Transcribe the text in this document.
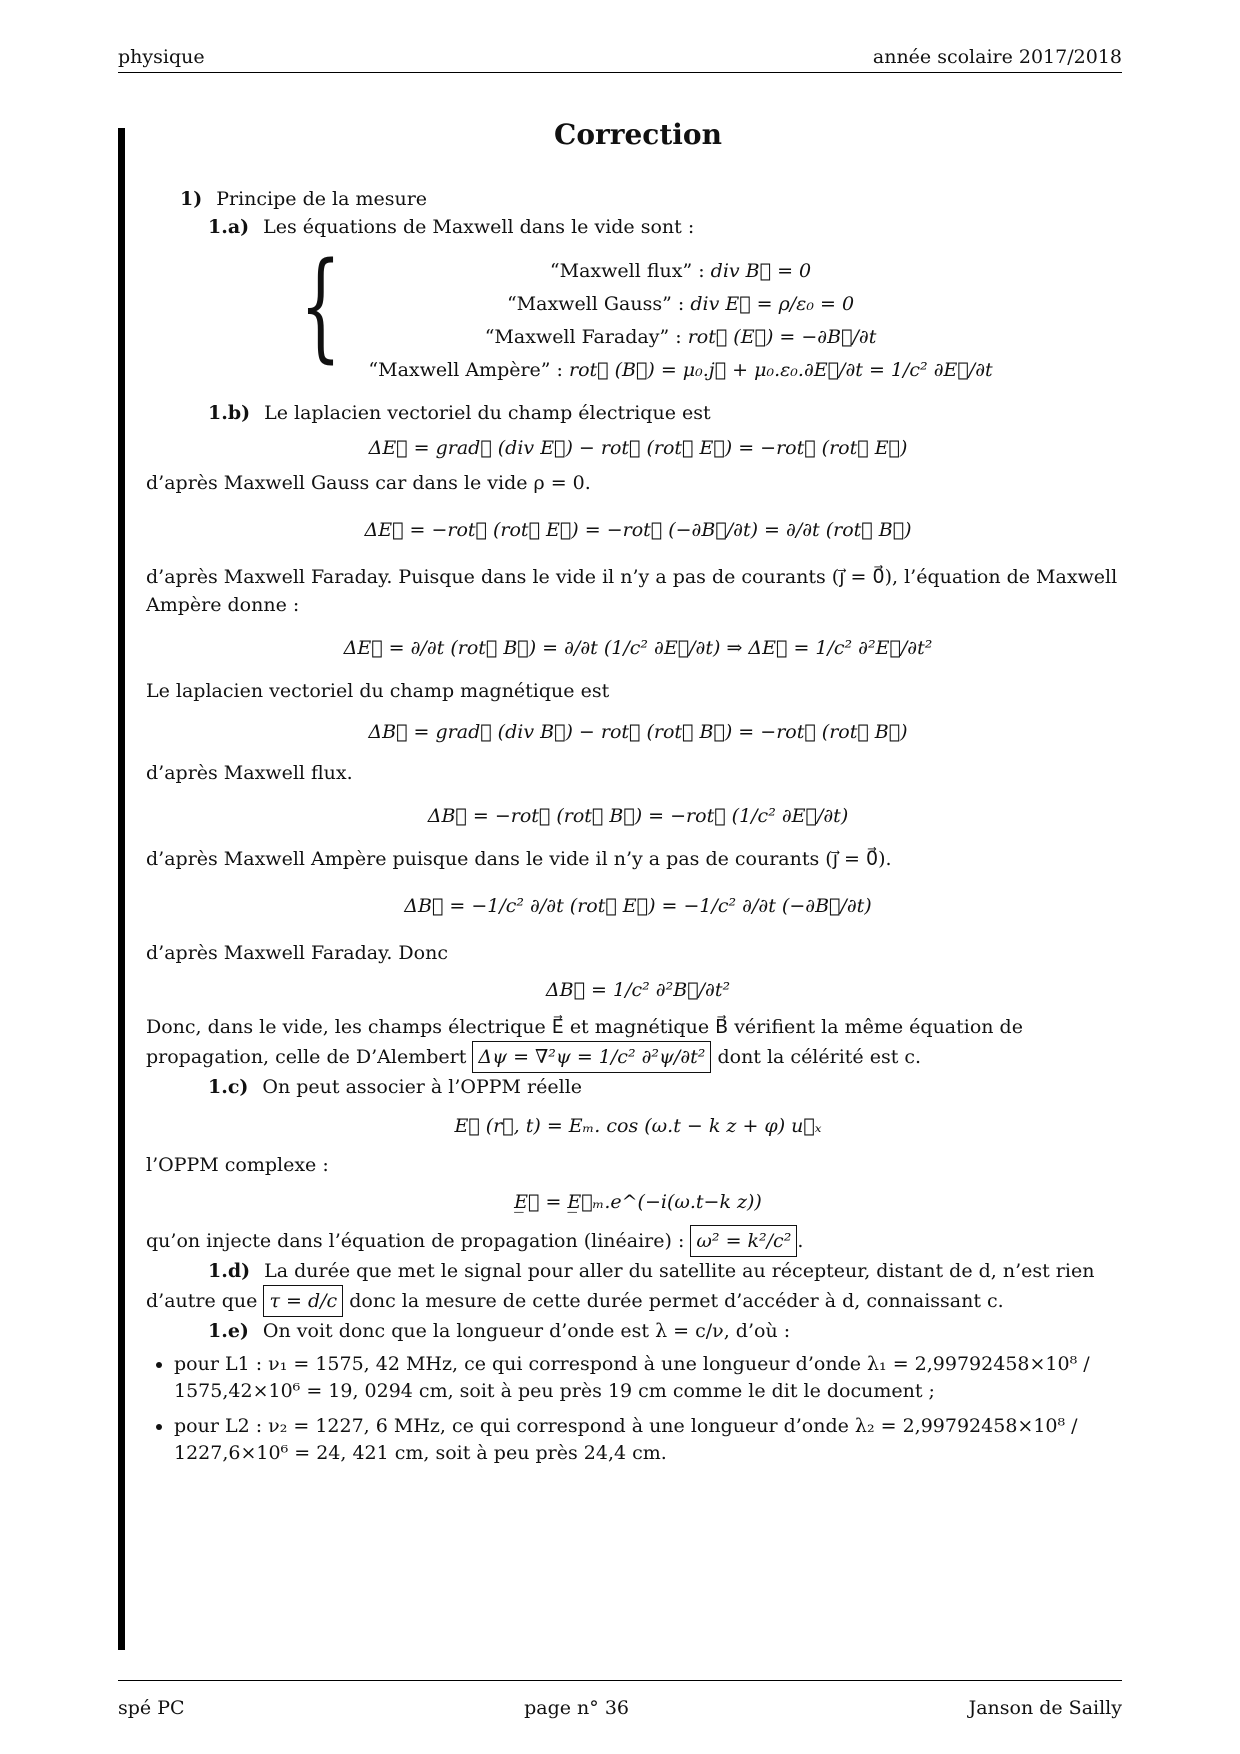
physique	année scolaire 2017/2018
Correction
1) Principe de la mesure
1.a) Les équations de Maxwell dans le vide sont :
{	“Maxwell flux” : div B⃗ = 0
“Maxwell Gauss” : div E⃗ = ρ/ε₀ = 0
“Maxwell Faraday” : rot⃗ (E⃗) = −∂B⃗/∂t
“Maxwell Ampère” : rot⃗ (B⃗) = μ₀.j⃗ + μ₀.ε₀.∂E⃗/∂t = 1/c² ∂E⃗/∂t
1.b) Le laplacien vectoriel du champ électrique est
ΔE⃗ = grad⃗ (div E⃗) − rot⃗ (rot⃗ E⃗) = −rot⃗ (rot⃗ E⃗)
d’après Maxwell Gauss car dans le vide ρ = 0.
ΔE⃗ = −rot⃗ (rot⃗ E⃗) = −rot⃗ (−∂B⃗/∂t) = ∂/∂t (rot⃗ B⃗)
d’après Maxwell Faraday. Puisque dans le vide il n’y a pas de courants (j⃗ = 0⃗), l’équation de Maxwell Ampère donne :
ΔE⃗ = ∂/∂t (rot⃗ B⃗) = ∂/∂t (1/c² ∂E⃗/∂t) ⇒ ΔE⃗ = 1/c² ∂²E⃗/∂t²
Le laplacien vectoriel du champ magnétique est
ΔB⃗ = grad⃗ (div B⃗) − rot⃗ (rot⃗ B⃗) = −rot⃗ (rot⃗ B⃗)
d’après Maxwell flux.
ΔB⃗ = −rot⃗ (rot⃗ B⃗) = −rot⃗ (1/c² ∂E⃗/∂t)
d’après Maxwell Ampère puisque dans le vide il n’y a pas de courants (j⃗ = 0⃗).
ΔB⃗ = −1/c² ∂/∂t (rot⃗ E⃗) = −1/c² ∂/∂t (−∂B⃗/∂t)
d’après Maxwell Faraday. Donc
ΔB⃗ = 1/c² ∂²B⃗/∂t²
Donc, dans le vide, les champs électrique E⃗ et magnétique B⃗ vérifient la même équation de propagation, celle de D’Alembert Δψ = ∇²ψ = 1/c² ∂²ψ/∂t² dont la célérité est c.
1.c) On peut associer à l’OPPM réelle
E⃗ (r⃗, t) = Eₘ. cos (ω.t − k z + φ) u⃗ₓ
l’OPPM complexe :
E̲⃗ = E̲⃗ₘ.e^(−i(ω.t−k z))
qu’on injecte dans l’équation de propagation (linéaire) : ω² = k²/c² .
1.d) La durée que met le signal pour aller du satellite au récepteur, distant de d, n’est rien d’autre que τ = d/c donc la mesure de cette durée permet d’accéder à d, connaissant c.
1.e) On voit donc que la longueur d’onde est λ = c/ν, d’où :
• pour L1 : ν₁ = 1575, 42 MHz, ce qui correspond à une longueur d’onde λ₁ = 2,99792458×10⁸ / 1575,42×10⁶ = 19, 0294 cm, soit à peu près 19 cm comme le dit le document ;
• pour L2 : ν₂ = 1227, 6 MHz, ce qui correspond à une longueur d’onde λ₂ = 2,99792458×10⁸ / 1227,6×10⁶ = 24, 421 cm, soit à peu près 24,4 cm.
spé PC	page n° 36	Janson de Sailly
